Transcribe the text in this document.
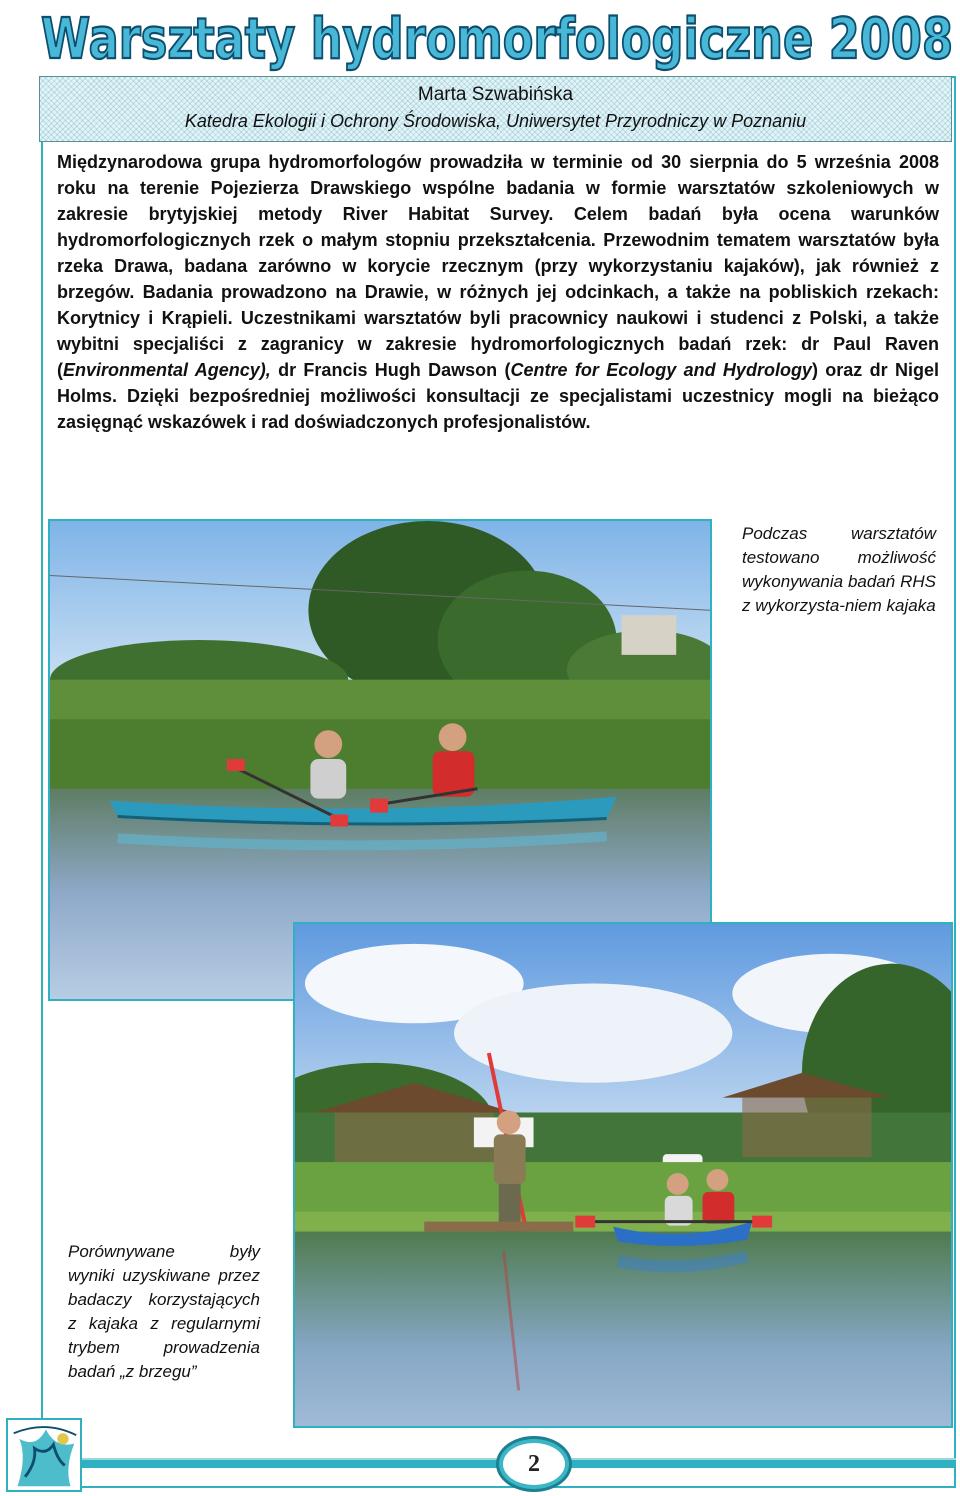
Warsztaty hydromorfologiczne 2008
Marta Szwabińska
Katedra Ekologii i Ochrony Środowiska, Uniwersytet Przyrodniczy w Poznaniu

Międzynarodowa grupa hydromorfologów prowadziła w terminie od 30 sierpnia do 5 września 2008 roku na terenie Pojezierza Drawskiego wspólne badania w formie warsztatów szkoleniowych w zakresie brytyjskiej metody River Habitat Survey. Celem badań była ocena warunków hydromorfologicznych rzek o małym stopniu przekształcenia. Przewodnim tematem warsztatów była rzeka Drawa, badana zarówno w korycie rzecznym (przy wykorzystaniu kajaków), jak również z brzegów. Badania prowadzono na Drawie, w różnych jej odcinkach, a także na pobliskich rzekach: Korytnicy i Krąpieli. Uczestnikami warsztatów byli pracownicy naukowi i studenci z Polski, a także wybitni specjaliści z zagranicy w zakresie hydromorfologicznych badań rzek: dr Paul Raven (Environmental Agency), dr Francis Hugh Dawson (Centre for Ecology and Hydrology) oraz dr Nigel Holms. Dzięki bezpośredniej możliwości konsultacji ze specjalistami uczestnicy mogli na bieżąco zasięgnąć wskazówek i rad doświadczonych profesjonalistów.

Podczas warsztatów testowano możliwość wykonywania badań RHS z wykorzysta-niem kajaka

Porównywane były wyniki uzyskiwane przez badaczy korzystających z kajaka z regularnymi trybem prowadzenia badań „z brzegu”

2
